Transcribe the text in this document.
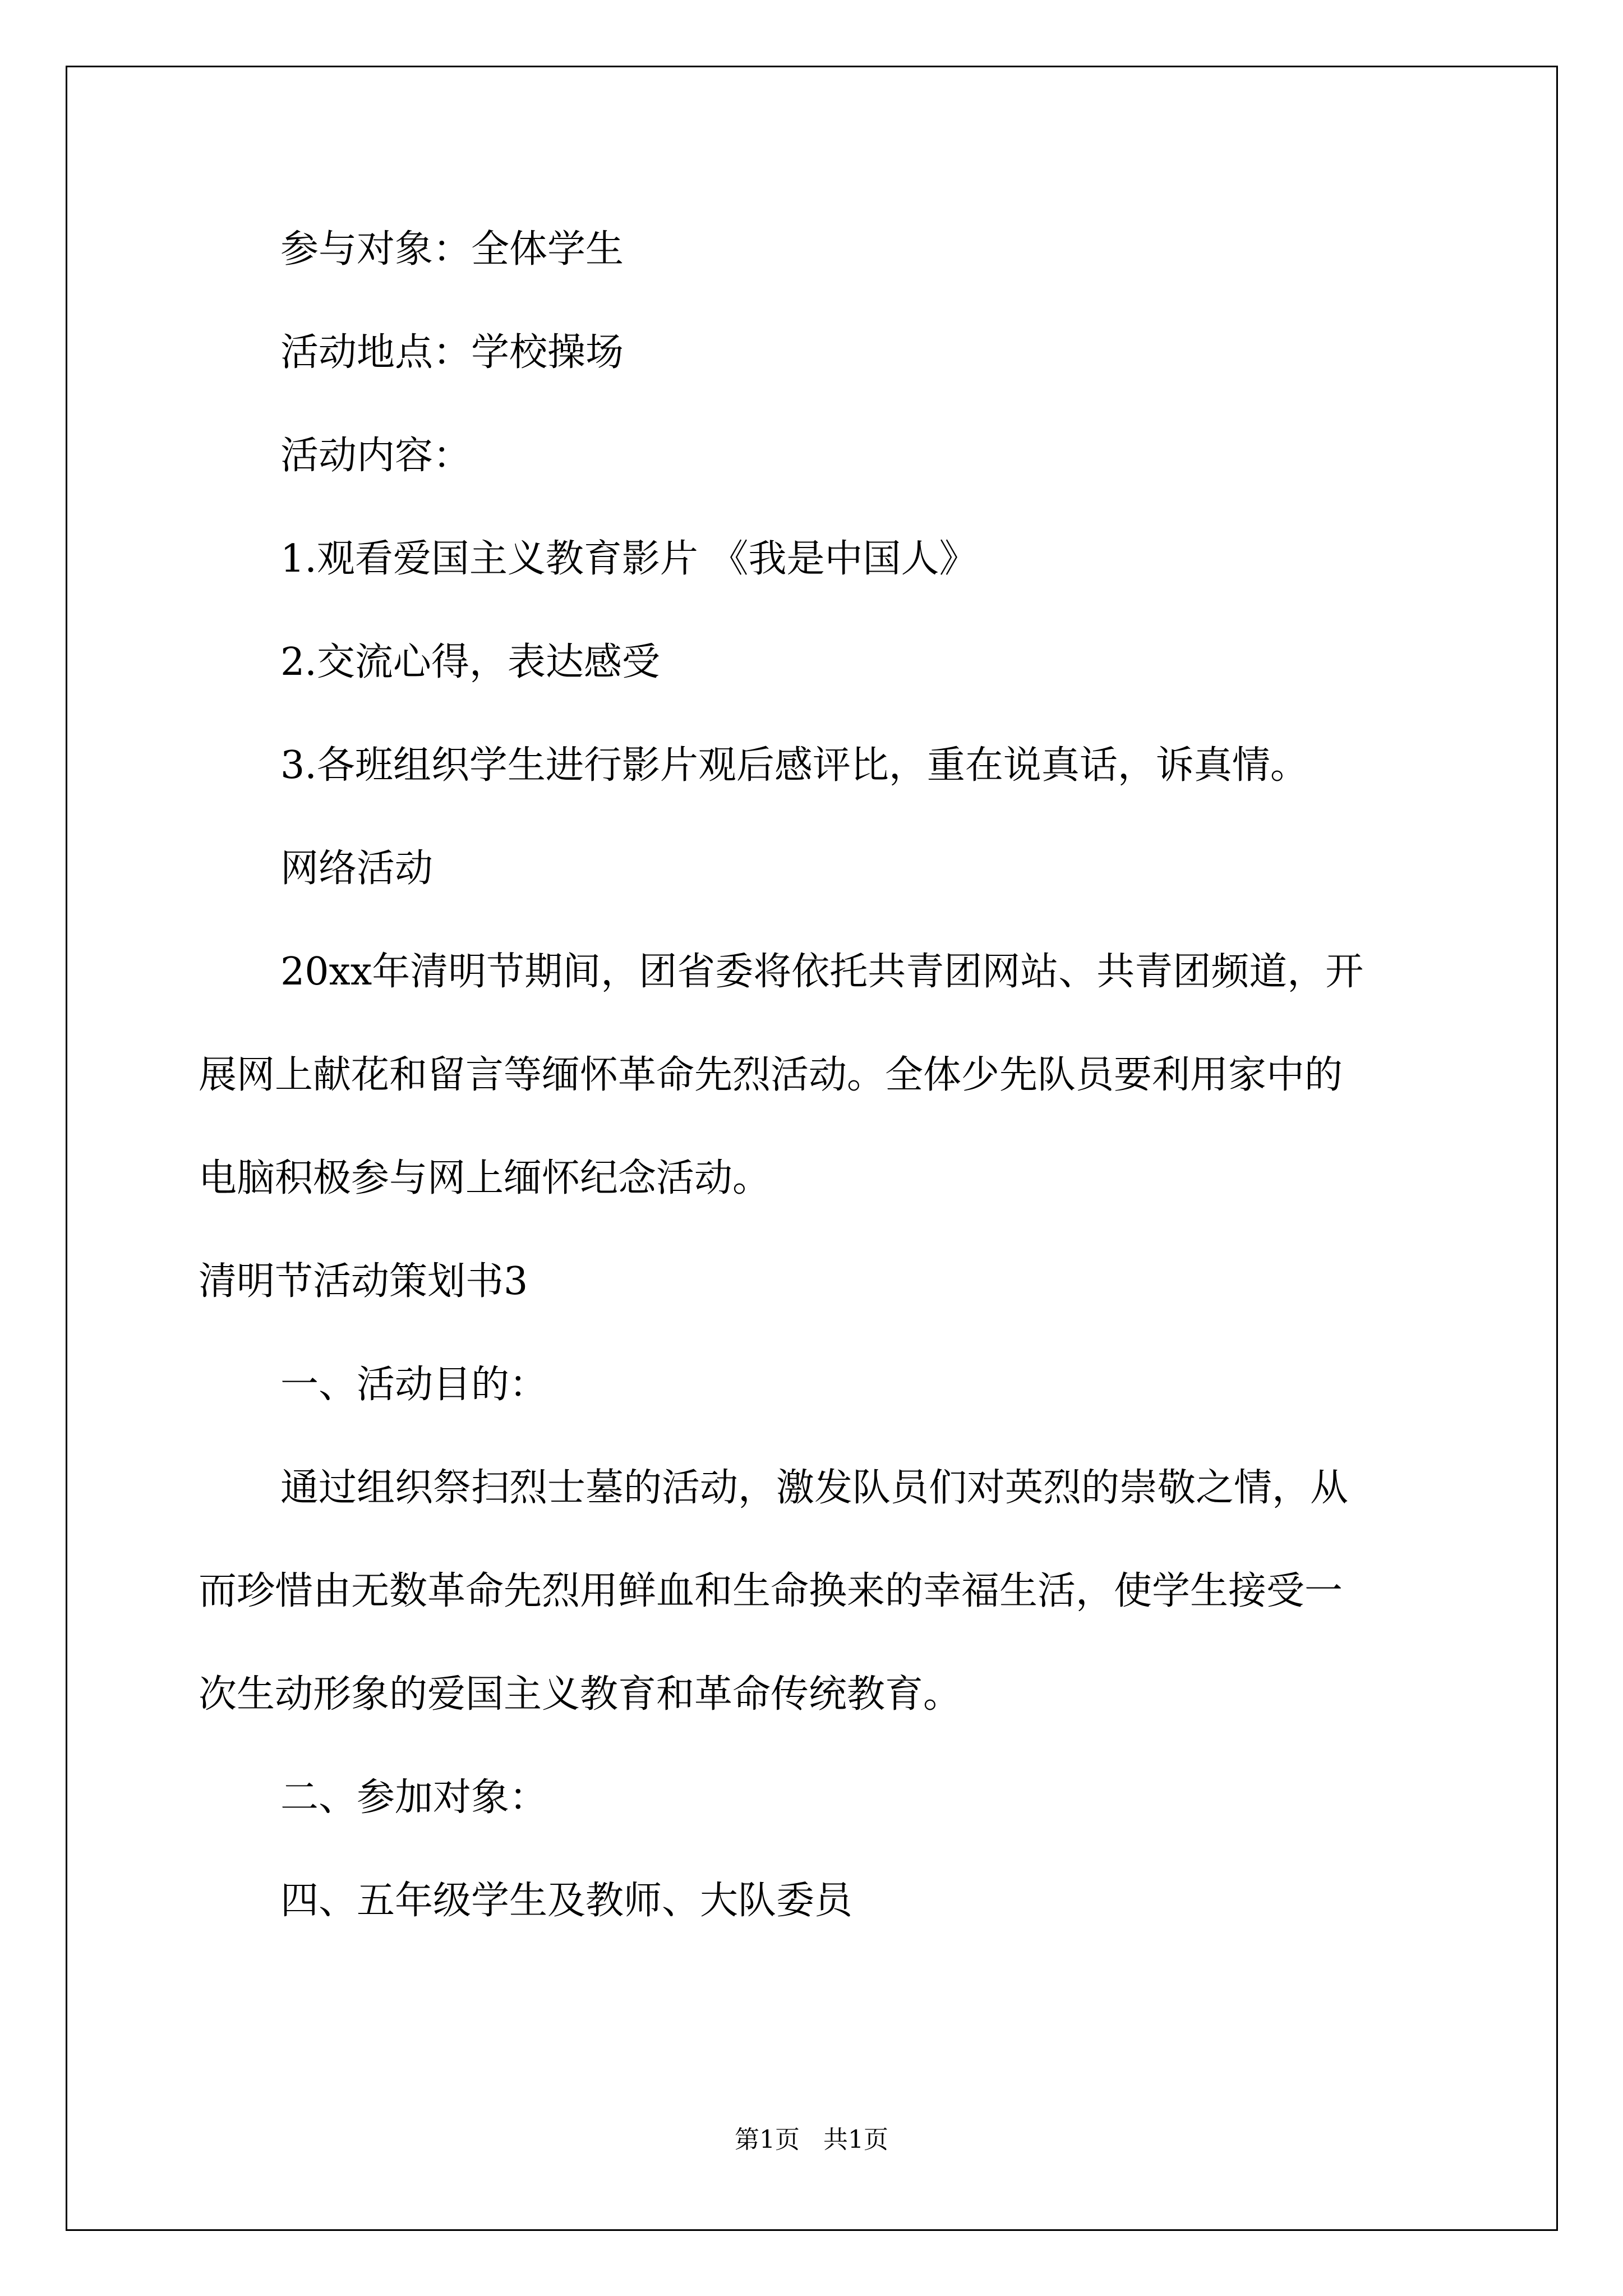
参与对象：全体学生
活动地点：学校操场
活动内容：
1.观看爱国主义教育影片 《我是中国人》
2.交流心得，表达感受
3.各班组织学生进行影片观后感评比，重在说真话，诉真情。
网络活动
20xx年清明节期间，团省委将依托共青团网站、共青团频道，开
展网上献花和留言等缅怀革命先烈活动。全体少先队员要利用家中的
电脑积极参与网上缅怀纪念活动。
清明节活动策划书3
一、活动目的：
通过组织祭扫烈士墓的活动，激发队员们对英烈的崇敬之情，从
而珍惜由无数革命先烈用鲜血和生命换来的幸福生活，使学生接受一
次生动形象的爱国主义教育和革命传统教育。
二、参加对象：
四、五年级学生及教师、大队委员
第1页   共1页
